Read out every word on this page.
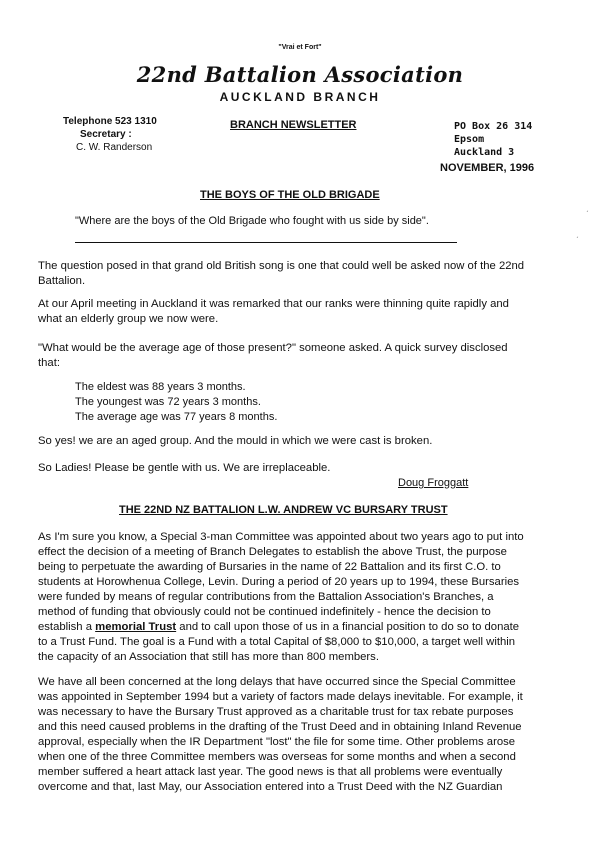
"Vrai et Fort"

22nd Battalion Association

AUCKLAND BRANCH

Telephone 523 1310

Secretary :

C. W. Randerson

BRANCH NEWSLETTER	PO Box 26 314

Epsom

Auckland 3

NOVEMBER, 1996

THE BOYS OF THE OLD BRIGADE

"Where are the boys of the Old Brigade who fought with us side by side".

The question posed in that grand old British song is one that could well be asked now of the 22nd
Battalion.
At our April meeting in Auckland it was remarked that our ranks were thinning quite rapidly and
what an elderly group we now were.
"What would be the average age of those present?" someone asked. A quick survey disclosed
that:
The eldest was 88 years 3 months.
The youngest was 72 years 3 months.
The average age was 77 years 8 months.

So yes! we are an aged group. And the mould in which we were cast is broken.

So Ladies! Please be gentle with us. We are irreplaceable.

Doug Froggatt

THE 22ND NZ BATTALION L.W. ANDREW VC BURSARY TRUST

As I'm sure you know, a Special 3-man Committee was appointed about two years ago to put into
effect the decision of a meeting of Branch Delegates to establish the above Trust, the purpose
being to perpetuate the awarding of Bursaries in the name of 22 Battalion and its first C.O. to
students at Horowhenua College, Levin. During a period of 20 years up to 1994, these Bursaries
were funded by means of regular contributions from the Battalion Association's Branches, a
method of funding that obviously could not be continued indefinitely - hence the decision to
establish a memorial Trust and to call upon those of us in a financial position to do so to donate
to a Trust Fund. The goal is a Fund with a total Capital of $8,000 to $10,000, a target well within
the capacity of an Association that still has more than 800 members.
We have all been concerned at the long delays that have occurred since the Special Committee
was appointed in September 1994 but a variety of factors made delays inevitable. For example, it
was necessary to have the Bursary Trust approved as a charitable trust for tax rebate purposes
and this need caused problems in the drafting of the Trust Deed and in obtaining Inland Revenue
approval, especially when the IR Department "lost" the file for some time. Other problems arose
when one of the three Committee members was overseas for some months and when a second
member suffered a heart attack last year. The good news is that all problems were eventually
overcome and that, last May, our Association entered into a Trust Deed with the NZ Guardian
ˊ
ˊ
